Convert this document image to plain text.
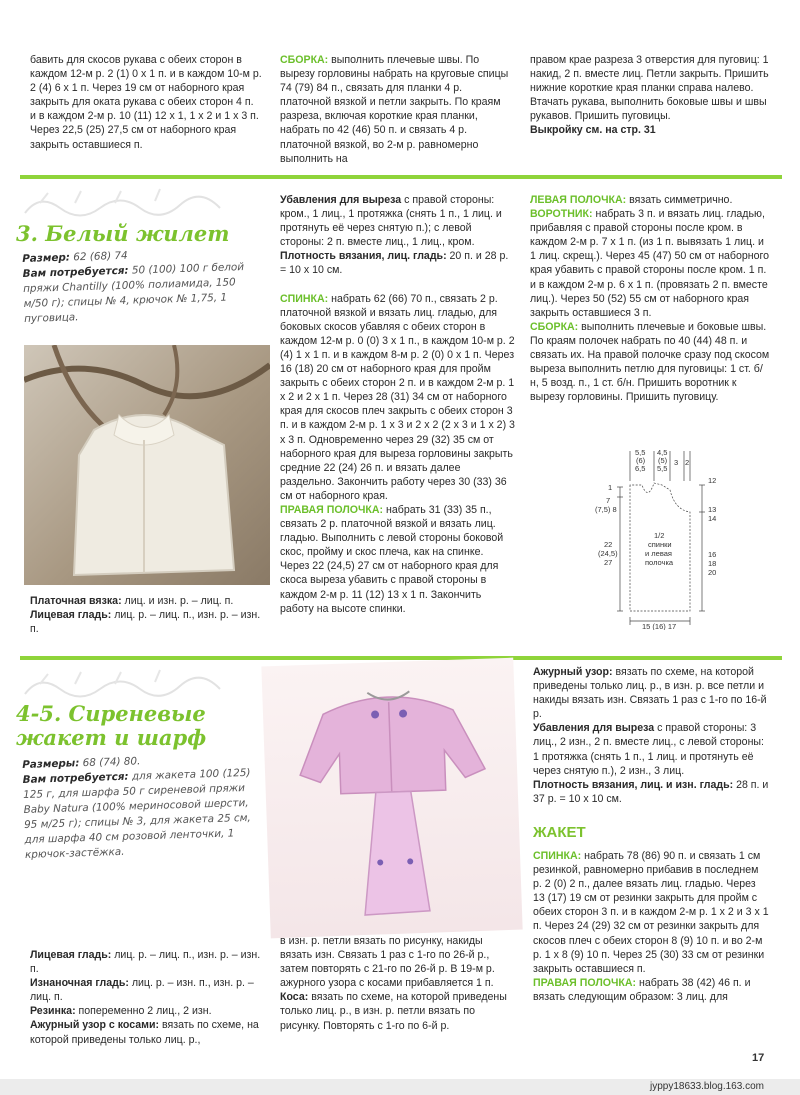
бавить для скосов рукава с обеих сторон в каждом 12-м р. 2 (1) 0 х 1 п. и в каждом 10-м р. 2 (4) 6 х 1 п. Через 19 см от наборного края закрыть для оката рукава с обеих сторон 4 п. и в каждом 2-м р. 10 (11) 12 х 1, 1 х 2 и 1 х 3 п. Через 22,5 (25) 27,5 см от наборного края закрыть оставшиеся п.

СБОРКА: выполнить плечевые швы. По вырезу горловины набрать на круговые спицы 74 (79) 84 п., связать для планки 4 р. платочной вязкой и петли закрыть. По краям разреза, включая короткие края планки, набрать по 42 (46) 50 п. и связать 4 р. платочной вязкой, во 2-м р. равномерно выполнить на

правом крае разреза 3 отверстия для пуговиц: 1 накид, 2 п. вместе лиц. Петли закрыть. Пришить нижние короткие края планки справа налево. Втачать рукава, выполнить боковые швы и швы рукавов. Пришить пуговицы.

Выкройку см. на стр. 31

3. Белый жилет
Размер: 62 (68) 74
Вам потребуется: 50 (100) 100 г белой пряжи Chantilly (100% полиамида, 150 м/50 г); спицы № 4, крючок № 1,75, 1 пуговица.

Платочная вязка: лиц. и изн. р. – лиц. п.

Лицевая гладь: лиц. р. – лиц. п., изн. р. – изн. п.

Убавления для выреза с правой стороны: кром., 1 лиц., 1 протяжка (снять 1 п., 1 лиц. и протянуть её через снятую п.); с левой стороны: 2 п. вместе лиц., 1 лиц., кром.

Плотность вязания, лиц. гладь: 20 п. и 28 р. = 10 х 10 см.

СПИНКА: набрать 62 (66) 70 п., связать 2 р. платочной вязкой и вязать лиц. гладью, для боковых скосов убавляя с обеих сторон в каждом 12-м р. 0 (0) 3 х 1 п., в каждом 10-м р. 2 (4) 1 х 1 п. и в каждом 8-м р. 2 (0) 0 х 1 п. Через 16 (18) 20 см от наборного края для пройм закрыть с обеих сторон 2 п. и в каждом 2-м р. 1 х 2 и 2 х 1 п. Через 28 (31) 34 см от наборного края для скосов плеч закрыть с обеих сторон 3 п. и в каждом 2-м р. 1 х 3 и 2 х 2 (2 х 3 и 1 х 2) 3 х 3 п. Одновременно через 29 (32) 35 см от наборного края для выреза горловины закрыть средние 22 (24) 26 п. и вязать далее раздельно. Закончить работу через 30 (33) 36 см от наборного края.

ПРАВАЯ ПОЛОЧКА: набрать 31 (33) 35 п., связать 2 р. платочной вязкой и вязать лиц. гладью. Выполнить с левой стороны боковой скос, пройму и скос плеча, как на спинке. Через 22 (24,5) 27 см от наборного края для скоса выреза убавить с правой стороны в каждом 2-м р. 11 (12) 13 х 1 п. Закончить работу на высоте спинки.

ЛЕВАЯ ПОЛОЧКА: вязать симметрично.

ВОРОТНИК: набрать 3 п. и вязать лиц. гладью, прибавляя с правой стороны после кром. в каждом 2-м р. 7 х 1 п. (из 1 п. вывязать 1 лиц. и 1 лиц. скрещ.). Через 45 (47) 50 см от наборного края убавить с правой стороны после кром. 1 п. и в каждом 2-м р. 6 х 1 п. (провязать 2 п. вместе лиц.). Через 50 (52) 55 см от наборного края закрыть оставшиеся 3 п.

СБОРКА: выполнить плечевые и боковые швы. По краям полочек набрать по 40 (44) 48 п. и связать их. На правой полочке сразу под скосом выреза выполнить петлю для пуговицы: 1 ст. б/н, 5 возд. п., 1 ст. б/н. Пришить воротник к вырезу горловины. Пришить пуговицу.

5,5
(6)
6,5
4,5
(5)
5,5
3 2
1
7
(7,5) 8
22
(24,5)
27
1/2
спинки
и левая
полочка
12
13
14
16
18
20
15 (16) 17
4-5. Сиреневые жакет и шарф
Размеры: 68 (74) 80.
Вам потребуется: для жакета 100 (125) 125 г, для шарфа 50 г сиреневой пряжи Baby Natura (100% мериносовой шерсти, 95 м/25 г); спицы № 3, для жакета 25 см, для шарфа 40 см розовой ленточки, 1 крючок-застёжка.

Лицевая гладь: лиц. р. – лиц. п., изн. р. – изн. п.

Изнаночная гладь: лиц. р. – изн. п., изн. р. – лиц. п.

Резинка: попеременно 2 лиц., 2 изн.

Ажурный узор с косами: вязать по схеме, на которой приведены только лиц. р.,

в изн. р. петли вязать по рисунку, накиды вязать изн. Связать 1 раз с 1-го по 26-й р., затем повторять с 21-го по 26-й р. В 19-м р. ажурного узора с косами прибавляется 1 п.

Коса: вязать по схеме, на которой приведены только лиц. р., в изн. р. петли вязать по рисунку. Повторять с 1-го по 6-й р.

Ажурный узор: вязать по схеме, на которой приведены только лиц. р., в изн. р. все петли и накиды вязать изн. Связать 1 раз с 1-го по 16-й р.

Убавления для выреза с правой стороны: 3 лиц., 2 изн., 2 п. вместе лиц., с левой стороны: 1 протяжка (снять 1 п., 1 лиц. и протянуть её через снятую п.), 2 изн., 3 лиц.

Плотность вязания, лиц. и изн. гладь: 28 п. и 37 р. = 10 х 10 см.

ЖАКЕТ

СПИНКА: набрать 78 (86) 90 п. и связать 1 см резинкой, равномерно прибавив в последнем р. 2 (0) 2 п., далее вязать лиц. гладью. Через 13 (17) 19 см от резинки закрыть для пройм с обеих сторон 3 п. и в каждом 2-м р. 1 х 2 и 3 х 1 п. Через 24 (29) 32 см от резинки закрыть для скосов плеч с обеих сторон 8 (9) 10 п. и во 2-м р. 1 х 8 (9) 10 п. Через 25 (30) 33 см от резинки закрыть оставшиеся п.

ПРАВАЯ ПОЛОЧКА: набрать 38 (42) 46 п. и вязать следующим образом: 3 лиц. для

17
jyppy18633.blog.163.com
